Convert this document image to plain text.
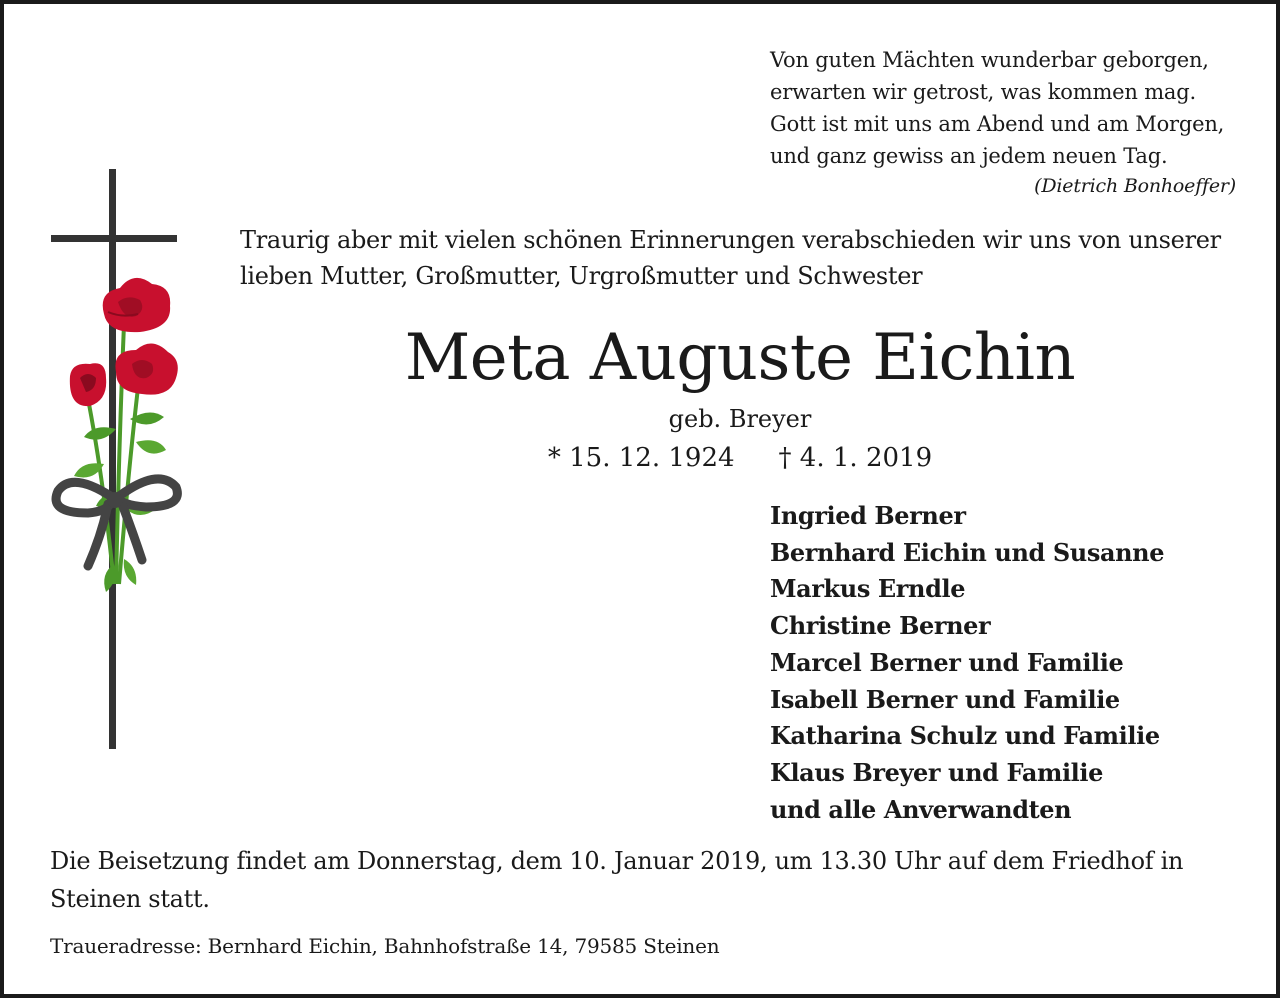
Von guten Mächten wunderbar geborgen,
erwarten wir getrost, was kommen mag.
Gott ist mit uns am Abend und am Morgen,
und ganz gewiss an jedem neuen Tag.
(Dietrich Bonhoeffer)
Traurig aber mit vielen schönen Erinnerungen verabschieden wir uns von unserer
lieben Mutter, Großmutter, Urgroßmutter und Schwester
Meta Auguste Eichin
geb. Breyer
* 15. 12. 1924 † 4. 1. 2019
Ingried Berner
Bernhard Eichin und Susanne
Markus Erndle
Christine Berner
Marcel Berner und Familie
Isabell Berner und Familie
Katharina Schulz und Familie
Klaus Breyer und Familie
und alle Anverwandten
Die Beisetzung findet am Donnerstag, dem 10. Januar 2019, um 13.30 Uhr auf dem Friedhof in
Steinen statt.
Traueradresse: Bernhard Eichin, Bahnhofstraße 14, 79585 Steinen
